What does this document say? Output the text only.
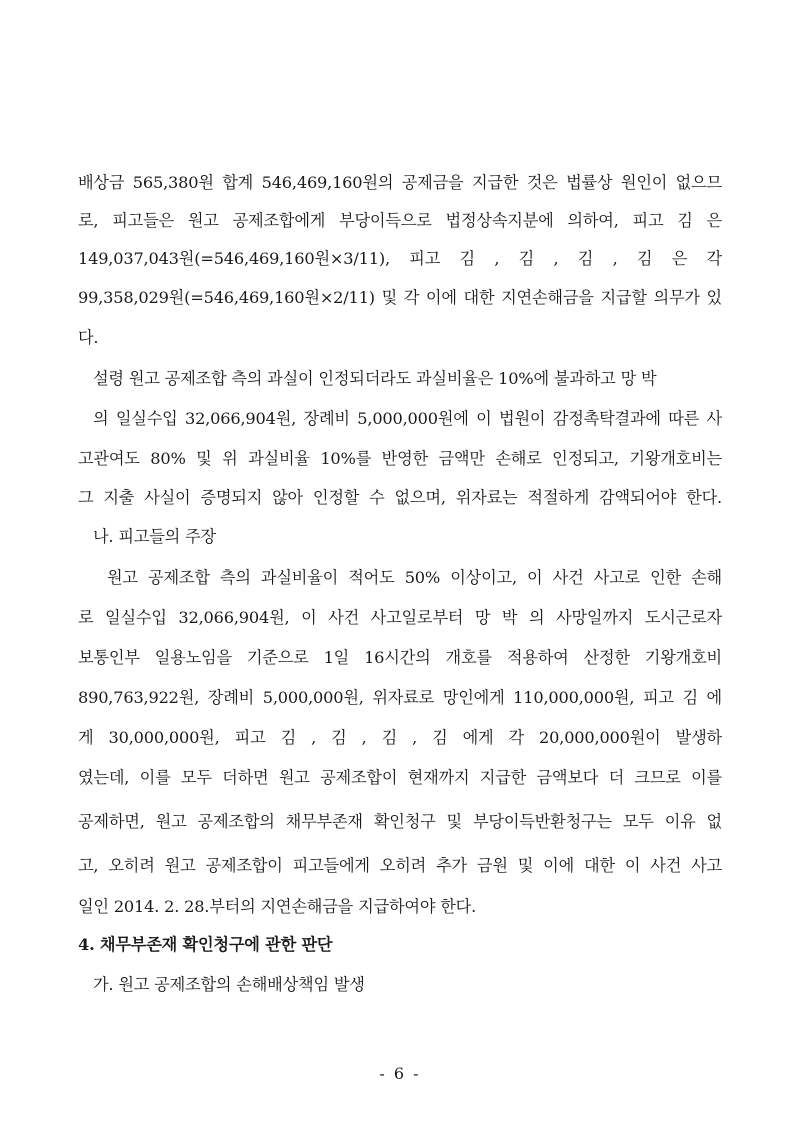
배상금 565,380원 합계 546,469,160원의 공제금을 지급한 것은 법률상 원인이 없으므
로, 피고들은 원고 공제조합에게 부당이득으로 법정상속지분에 의하여, 피고 김 은
149,037,043원(=546,469,160원×3/11), 피고 김 , 김 , 김 , 김 은 각
99,358,029원(=546,469,160원×2/11) 및 각 이에 대한 지연손해금을 지급할 의무가 있
다.
설령 원고 공제조합 측의 과실이 인정되더라도 과실비율은 10%에 불과하고 망 박
의 일실수입 32,066,904원, 장례비 5,000,000원에 이 법원이 감정촉탁결과에 따른 사
고관여도 80% 및 위 과실비율 10%를 반영한 금액만 손해로 인정되고, 기왕개호비는
그 지출 사실이 증명되지 않아 인정할 수 없으며, 위자료는 적절하게 감액되어야 한다.
나. 피고들의 주장
원고 공제조합 측의 과실비율이 적어도 50% 이상이고, 이 사건 사고로 인한 손해
로 일실수입 32,066,904원, 이 사건 사고일로부터 망 박 의 사망일까지 도시근로자
보통인부 일용노임을 기준으로 1일 16시간의 개호를 적용하여 산정한 기왕개호비
890,763,922원, 장례비 5,000,000원, 위자료로 망인에게 110,000,000원, 피고 김 에
게 30,000,000원, 피고 김 , 김 , 김 , 김 에게 각 20,000,000원이 발생하
였는데, 이를 모두 더하면 원고 공제조합이 현재까지 지급한 금액보다 더 크므로 이를
공제하면, 원고 공제조합의 채무부존재 확인청구 및 부당이득반환청구는 모두 이유 없
고, 오히려 원고 공제조합이 피고들에게 오히려 추가 금원 및 이에 대한 이 사건 사고
일인 2014. 2. 28.부터의 지연손해금을 지급하여야 한다.
4. 채무부존재 확인청구에 관한 판단
가. 원고 공제조합의 손해배상책임 발생
- 6 -
